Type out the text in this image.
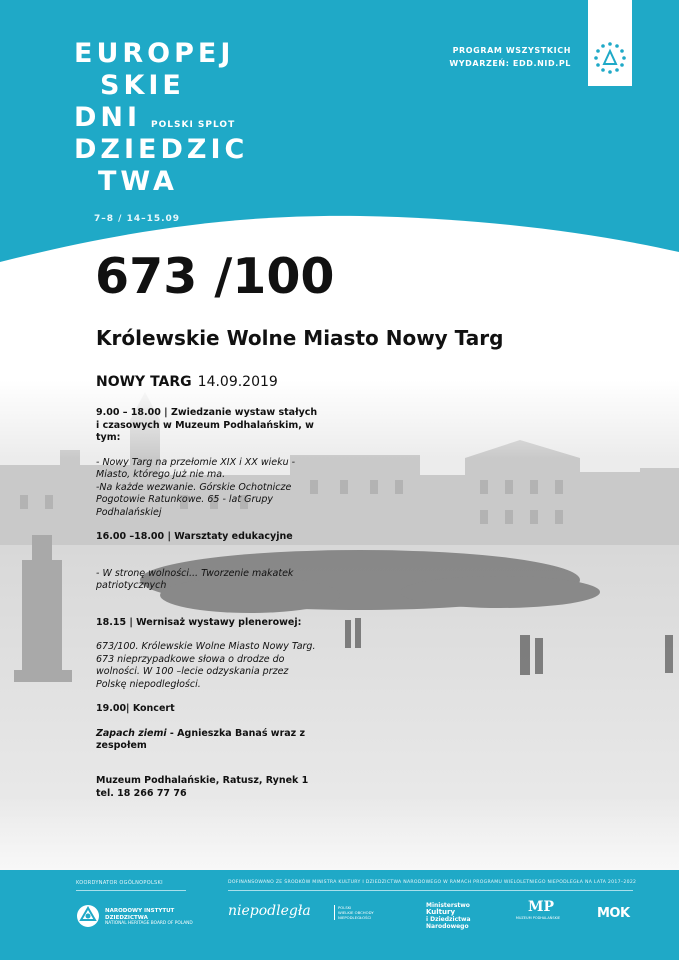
EUROPEJ
SKIE
DNI
DZIEDZIC
TWA
POLSKI SPLOT
7–8 / 14–15.09
PROGRAM WSZYSTKICH
WYDARZEŃ: EDD.NID.PL
673 /100
Królewskie Wolne Miasto Nowy Targ
NOWY TARG 14.09.2019
9.00 – 18.00 | Zwiedzanie wystaw stałych i czasowych w Muzeum Podhalańskim, w tym:
- Nowy Targ na przełomie XIX i XX wieku - Miasto, którego już nie ma.
-Na każde wezwanie. Górskie Ochotnicze Pogotowie Ratunkowe. 65 - lat Grupy Podhalańskiej
16.00 –18.00 | Warsztaty edukacyjne
- W stronę wolności... Tworzenie makatek patriotycznych
18.15 | Wernisaż wystawy plenerowej:
673/100. Królewskie Wolne Miasto Nowy Targ. 673 nieprzypadkowe słowa o drodze do wolności. W 100 –lecie odzyskania przez Polskę niepodległości.
19.00| Koncert
Zapach ziemi - Agnieszka Banaś wraz z zespołem
Muzeum Podhalańskie, Ratusz, Rynek 1
tel. 18 266 77 76
KOORDYNATOR OGÓLNOPOLSKI	DOFINANSOWANO ZE ŚRODKÓW MINISTRA KULTURY I DZIEDZICTWA NARODOWEGO W RAMACH PROGRAMU WIELOLETNIEGO NIEPODLEGŁA NA LATA 2017–2022
NARODOWY INSTYTUT
DZIEDZICTWA
NATIONAL HERITAGE BOARD OF POLAND
niepodległa	POLSKI
WIELKIE OBCHODY
NIEPODLEGŁOŚCI
Ministerstwo
Kultury
i Dziedzictwa
Narodowego
MP
MUZEUM PODHALAŃSKIE	MOK
